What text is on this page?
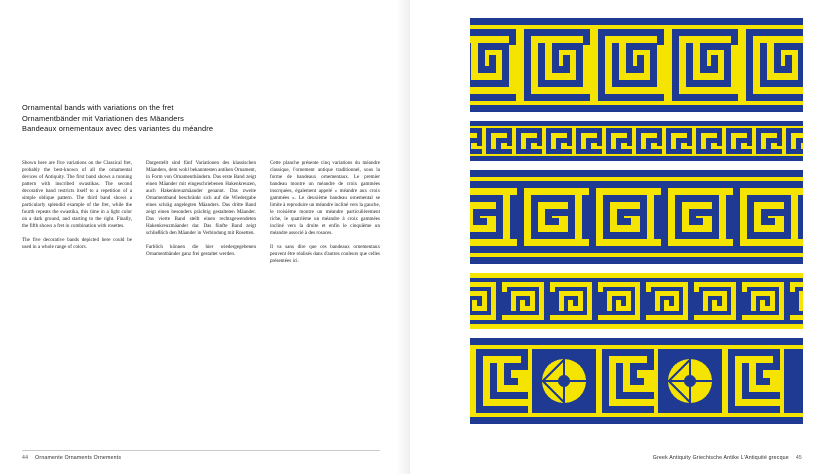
Ornamental bands with variations on the fret
Ornamentbänder mit Variationen des Mäanders
Bandeaux ornementaux avec des variantes du méandre

Shown here are five variations on the Classical fret, probably the best-known of all the ornamental devices of Antiquity. The first band shows a running pattern with inscribed swastikas. The second decorative band restricts itself to a repetition of a simple oblique pattern. The third band shows a particularly splendid example of the fret, while the fourth repeats the swastika, this time in a light color on a dark ground, and starting to the right. Finally, the fifth shows a fret in combination with rosettes.

The five decorative bands depicted here could be used in a whole range of colors.

Dargestellt sind fünf Variationen des klassischen Mäanders, dem wohl bekanntesten antiken Ornament, in Form von Ornamentbändern. Das erste Band zeigt einen Mäander mit eingeschriebenen Hakenkreuzen, auch Hakenkreuzmäander genannt. Das zweite Ornamentband beschränkt sich auf die Wiedergabe eines schräg angelegten Mäanders. Das dritte Band zeigt einen besonders prächtig gestalteten Mäander. Das vierte Band stellt einen rechtsgewendeten Hakenkreuzmäander dar. Das fünfte Band zeigt schließlich den Mäander in Verbindung mit Rosetten.

Farblich können die hier wiedergegebenen Ornamentbänder ganz frei gestaltet werden.

Cette planche présente cinq variations du méandre classique, l'ornement antique traditionnel, sous la forme de bandeaux ornementaux. Le premier bandeau montre un méandre de croix gammées inscrquées, également appelé « méandre aux croix gammées ». Le deuxième bandeau ornemental se limite à reproduire un méandre incliné vers la gauche, le troisième montre un méandre particulièrement riche, le quatrième un méandre à croix gammées incliné vers la droite et enfin le cinquième un méandre associé à des rosaces.

Il va sans dire que ces bandeaux ornementaux peuvent être réalisés dans d'autres couleurs que celles présentées ici.

44 Ornamente Ornaments Ornements	Greek Antiquity Griechische Antike L'Antiquité grecque 45
